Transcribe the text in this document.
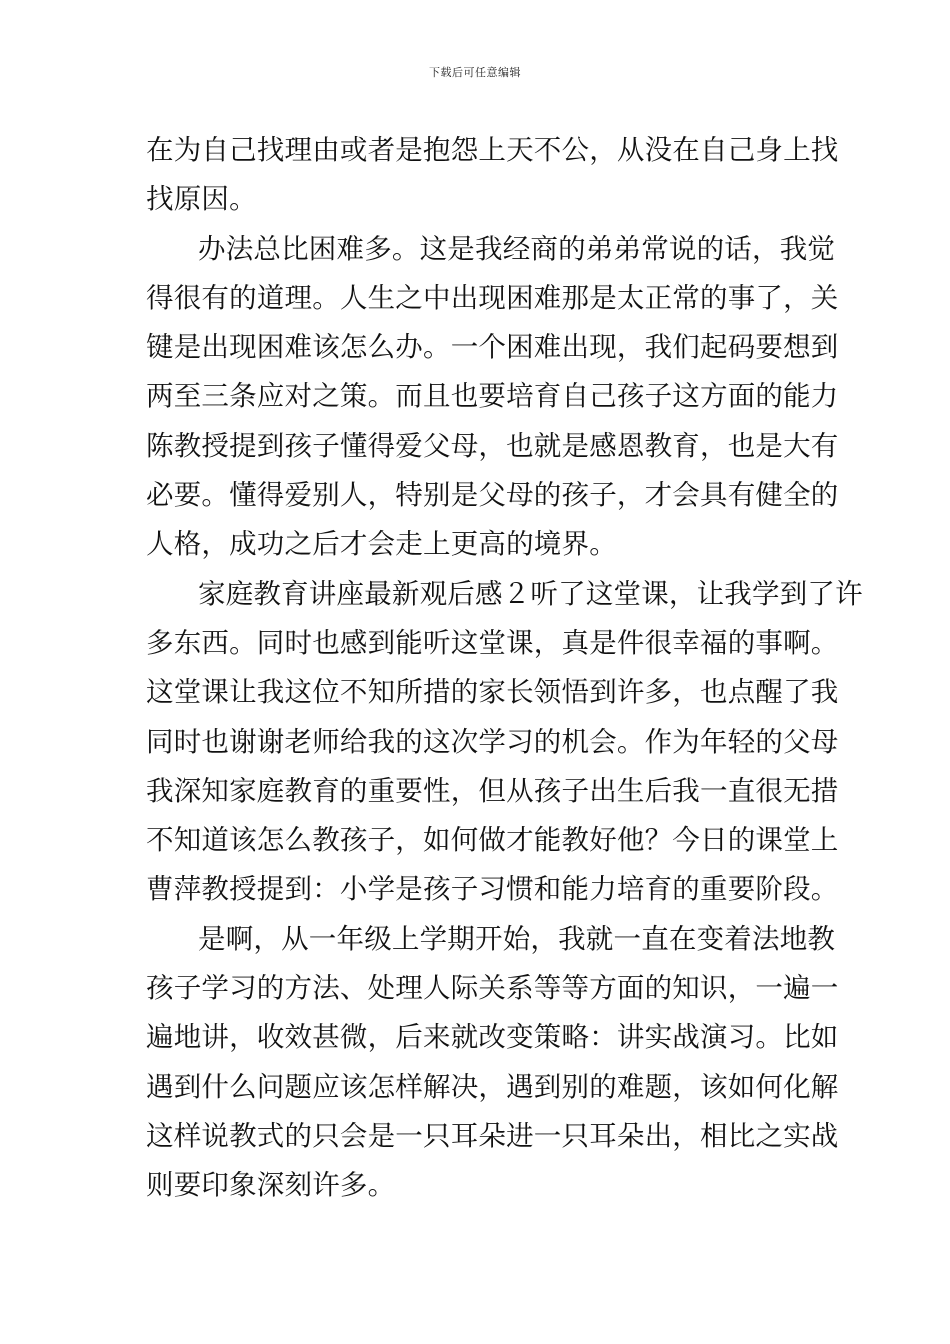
下载后可任意编辑
在为自己找理由或者是抱怨上天不公，从没在自己身上找
找原因。
办法总比困难多。这是我经商的弟弟常说的话，我觉
得很有的道理。人生之中出现困难那是太正常的事了，关
键是出现困难该怎么办。一个困难出现，我们起码要想到
两至三条应对之策。而且也要培育自己孩子这方面的能力
陈教授提到孩子懂得爱父母，也就是感恩教育，也是大有
必要。懂得爱别人，特别是父母的孩子，才会具有健全的
人格，成功之后才会走上更高的境界。
家庭教育讲座最新观后感２听了这堂课，让我学到了许
多东西。同时也感到能听这堂课，真是件很幸福的事啊。
这堂课让我这位不知所措的家长领悟到许多，也点醒了我
同时也谢谢老师给我的这次学习的机会。作为年轻的父母
我深知家庭教育的重要性，但从孩子出生后我一直很无措
不知道该怎么教孩子，如何做才能教好他？今日的课堂上
曹萍教授提到：小学是孩子习惯和能力培育的重要阶段。
是啊，从一年级上学期开始，我就一直在变着法地教
孩子学习的方法、处理人际关系等等方面的知识，一遍一
遍地讲，收效甚微，后来就改变策略：讲实战演习。比如
遇到什么问题应该怎样解决，遇到别的难题，该如何化解
这样说教式的只会是一只耳朵进一只耳朵出，相比之实战
则要印象深刻许多。
